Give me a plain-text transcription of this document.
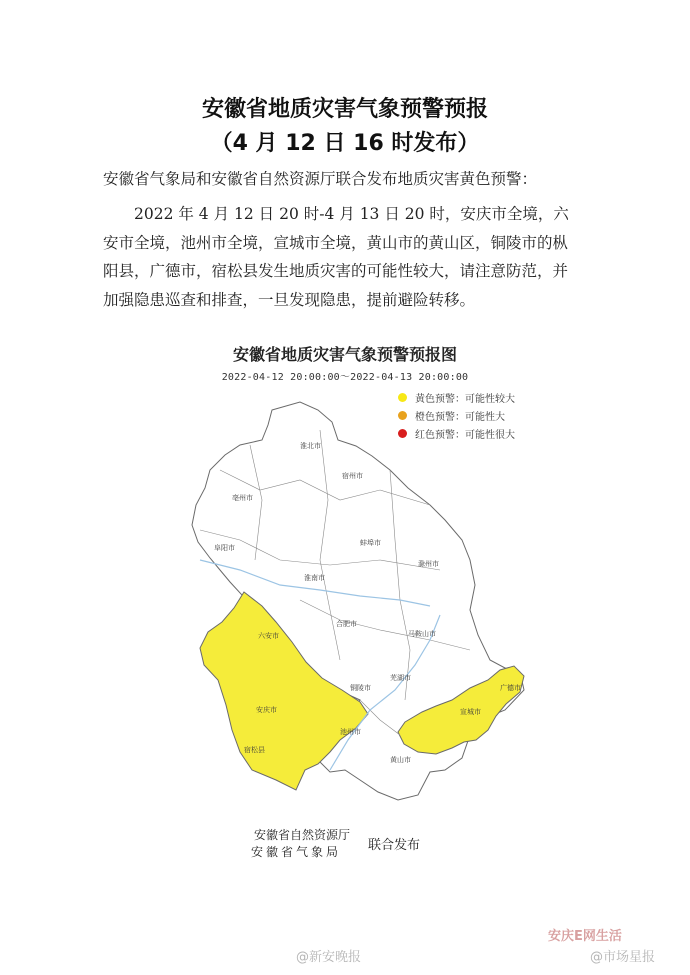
安徽省地质灾害气象预警预报
（4 月 12 日 16 时发布）
安徽省气象局和安徽省自然资源厅联合发布地质灾害黄色预警：
2022 年 4 月 12 日 20 时-4 月 13 日 20 时，安庆市全境，六安市全境，池州市全境，宣城市全境，黄山市的黄山区，铜陵市的枞阳县，广德市，宿松县发生地质灾害的可能性较大，请注意防范，并加强隐患巡查和排查，一旦发现隐患，提前避险转移。
安徽省地质灾害气象预警预报图
2022-04-12 20:00:00～2022-04-13 20:00:00
宿州市
亳州市
阜阳市
淮北市
蚌埠市
淮南市
滁州市
六安市
合肥市
马鞍山市
芜湖市
铜陵市
安庆市
池州市
宣城市
黄山市
广德市
宿松县
黄色预警：可能性较大
橙色预警：可能性大
红色预警：可能性很大
安徽省自然资源厅
安徽省气象局 联合发布
安庆E网生活
@新安晚报	@市场星报
